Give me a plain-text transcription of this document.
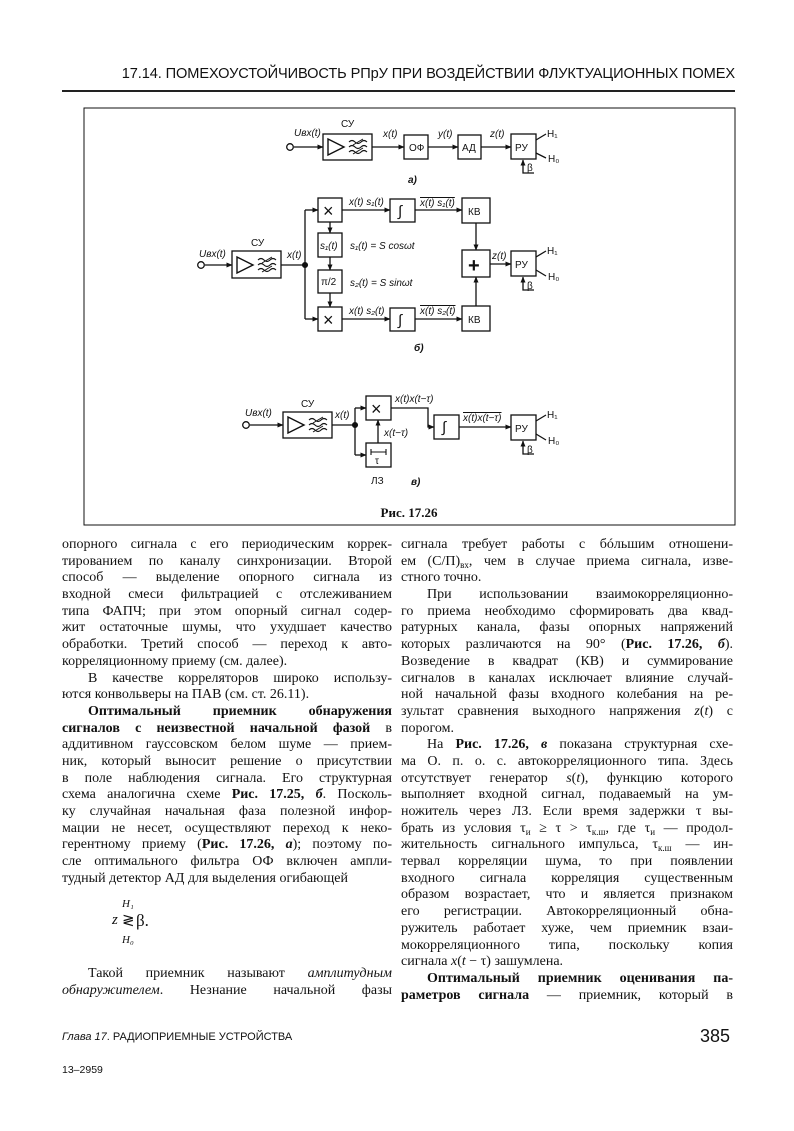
17.14. ПОМЕХОУСТОЙЧИВОСТЬ РПрУ ПРИ ВОЗДЕЙСТВИИ ФЛУКТУАЦИОННЫХ ПОМЕХ
Uвх(t)
СУ
x(t)
ОФ
y(t)
АД
z(t)
РУ
H₁
H₀
β
а)
Uвх(t)
СУ
x(t)
×
s₁(t)
π/2
×
s₁(t) = S cosωt
s₂(t) = S sinωt
x(t) s₁(t)
x(t) s₂(t)
∫
∫
x(t) s₁(t)
x(t) s₂(t)
КВ
КВ
+ z(t)
РУ
H₁
H₀
β
б)
Uвх(t)
СУ
x(t) × x(t)x(t−τ)
x(t−τ)
τ
ЛЗ
∫
x(t)x(t−τ)
РУ
H₁
H₀
β
в)
Рис. 17.26
опорного сигнала с его периодическим коррек-
тированием по каналу синхронизации. Второй
способ — выделение опорного сигнала из
входной смеси фильтрацией с отслеживанием
типа ФАПЧ; при этом опорный сигнал содер-
жит остаточные шумы, что ухудшает качество
обработки. Третий способ — переход к авто-
корреляционному приему (см. далее).
В качестве корреляторов широко использу-
ются конвольверы на ПАВ (см. ст. 26.11).
Оптимальный приемник обнаружения
сигналов с неизвестной начальной фазой в
аддитивном гауссовском белом шуме — прием-
ник, который выносит решение о присутствии
в поле наблюдения сигнала. Его структурная
схема аналогична схеме Рис. 17.25, б. Посколь-
ку случайная начальная фаза полезной инфор-
мации не несет, осуществляют переход к неко-
герентному приему (Рис. 17.26, а); поэтому по-
сле оптимального фильтра ОФ включен ампли-
тудный детектор АД для выделения огибающей
H₁
z ≷ β.
H₀
Такой приемник называют амплитудным
обнаружителем. Незнание начальной фазы
сигнала требует работы с бóльшим отношени-
ем $(С/П)_{вх}$, чем в случае приема сигнала, изве-
стного точно.
При использовании взаимокорреляционно-
го приема необходимо сформировать два квад-
ратурных канала, фазы опорных напряжений
которых различаются на 90° (Рис. 17.26, б).
Возведение в квадрат (КВ) и суммирование
сигналов в каналах исключает влияние случай-
ной начальной фазы входного колебания на ре-
зультат сравнения выходного напряжения z(t) с
порогом.
На Рис. 17.26, в показана структурная схе-
ма О. п. о. с. автокорреляционного типа. Здесь
отсутствует генератор s(t), функцию которого
выполняет входной сигнал, подаваемый на ум-
ножитель через ЛЗ. Если время задержки τ вы-
брать из условия $\tau_и \ge \tau > \tau_{к.ш}$, где $\tau_и$ — продол-
жительность сигнального импульса, $\tau_{к.ш}$ — ин-
тервал корреляции шума, то при появлении
входного сигнала корреляция существенным
образом возрастает, что и является признаком
его регистрации. Автокорреляционный обна-
ружитель работает хуже, чем приемник взаи-
мокорреляционного типа, поскольку копия
сигнала x(t − τ) зашумлена.
Оптимальный приемник оценивания па-
раметров сигнала — приемник, который в
Глава 17. РАДИОПРИЕМНЫЕ УСТРОЙСТВА	385
13–2959
